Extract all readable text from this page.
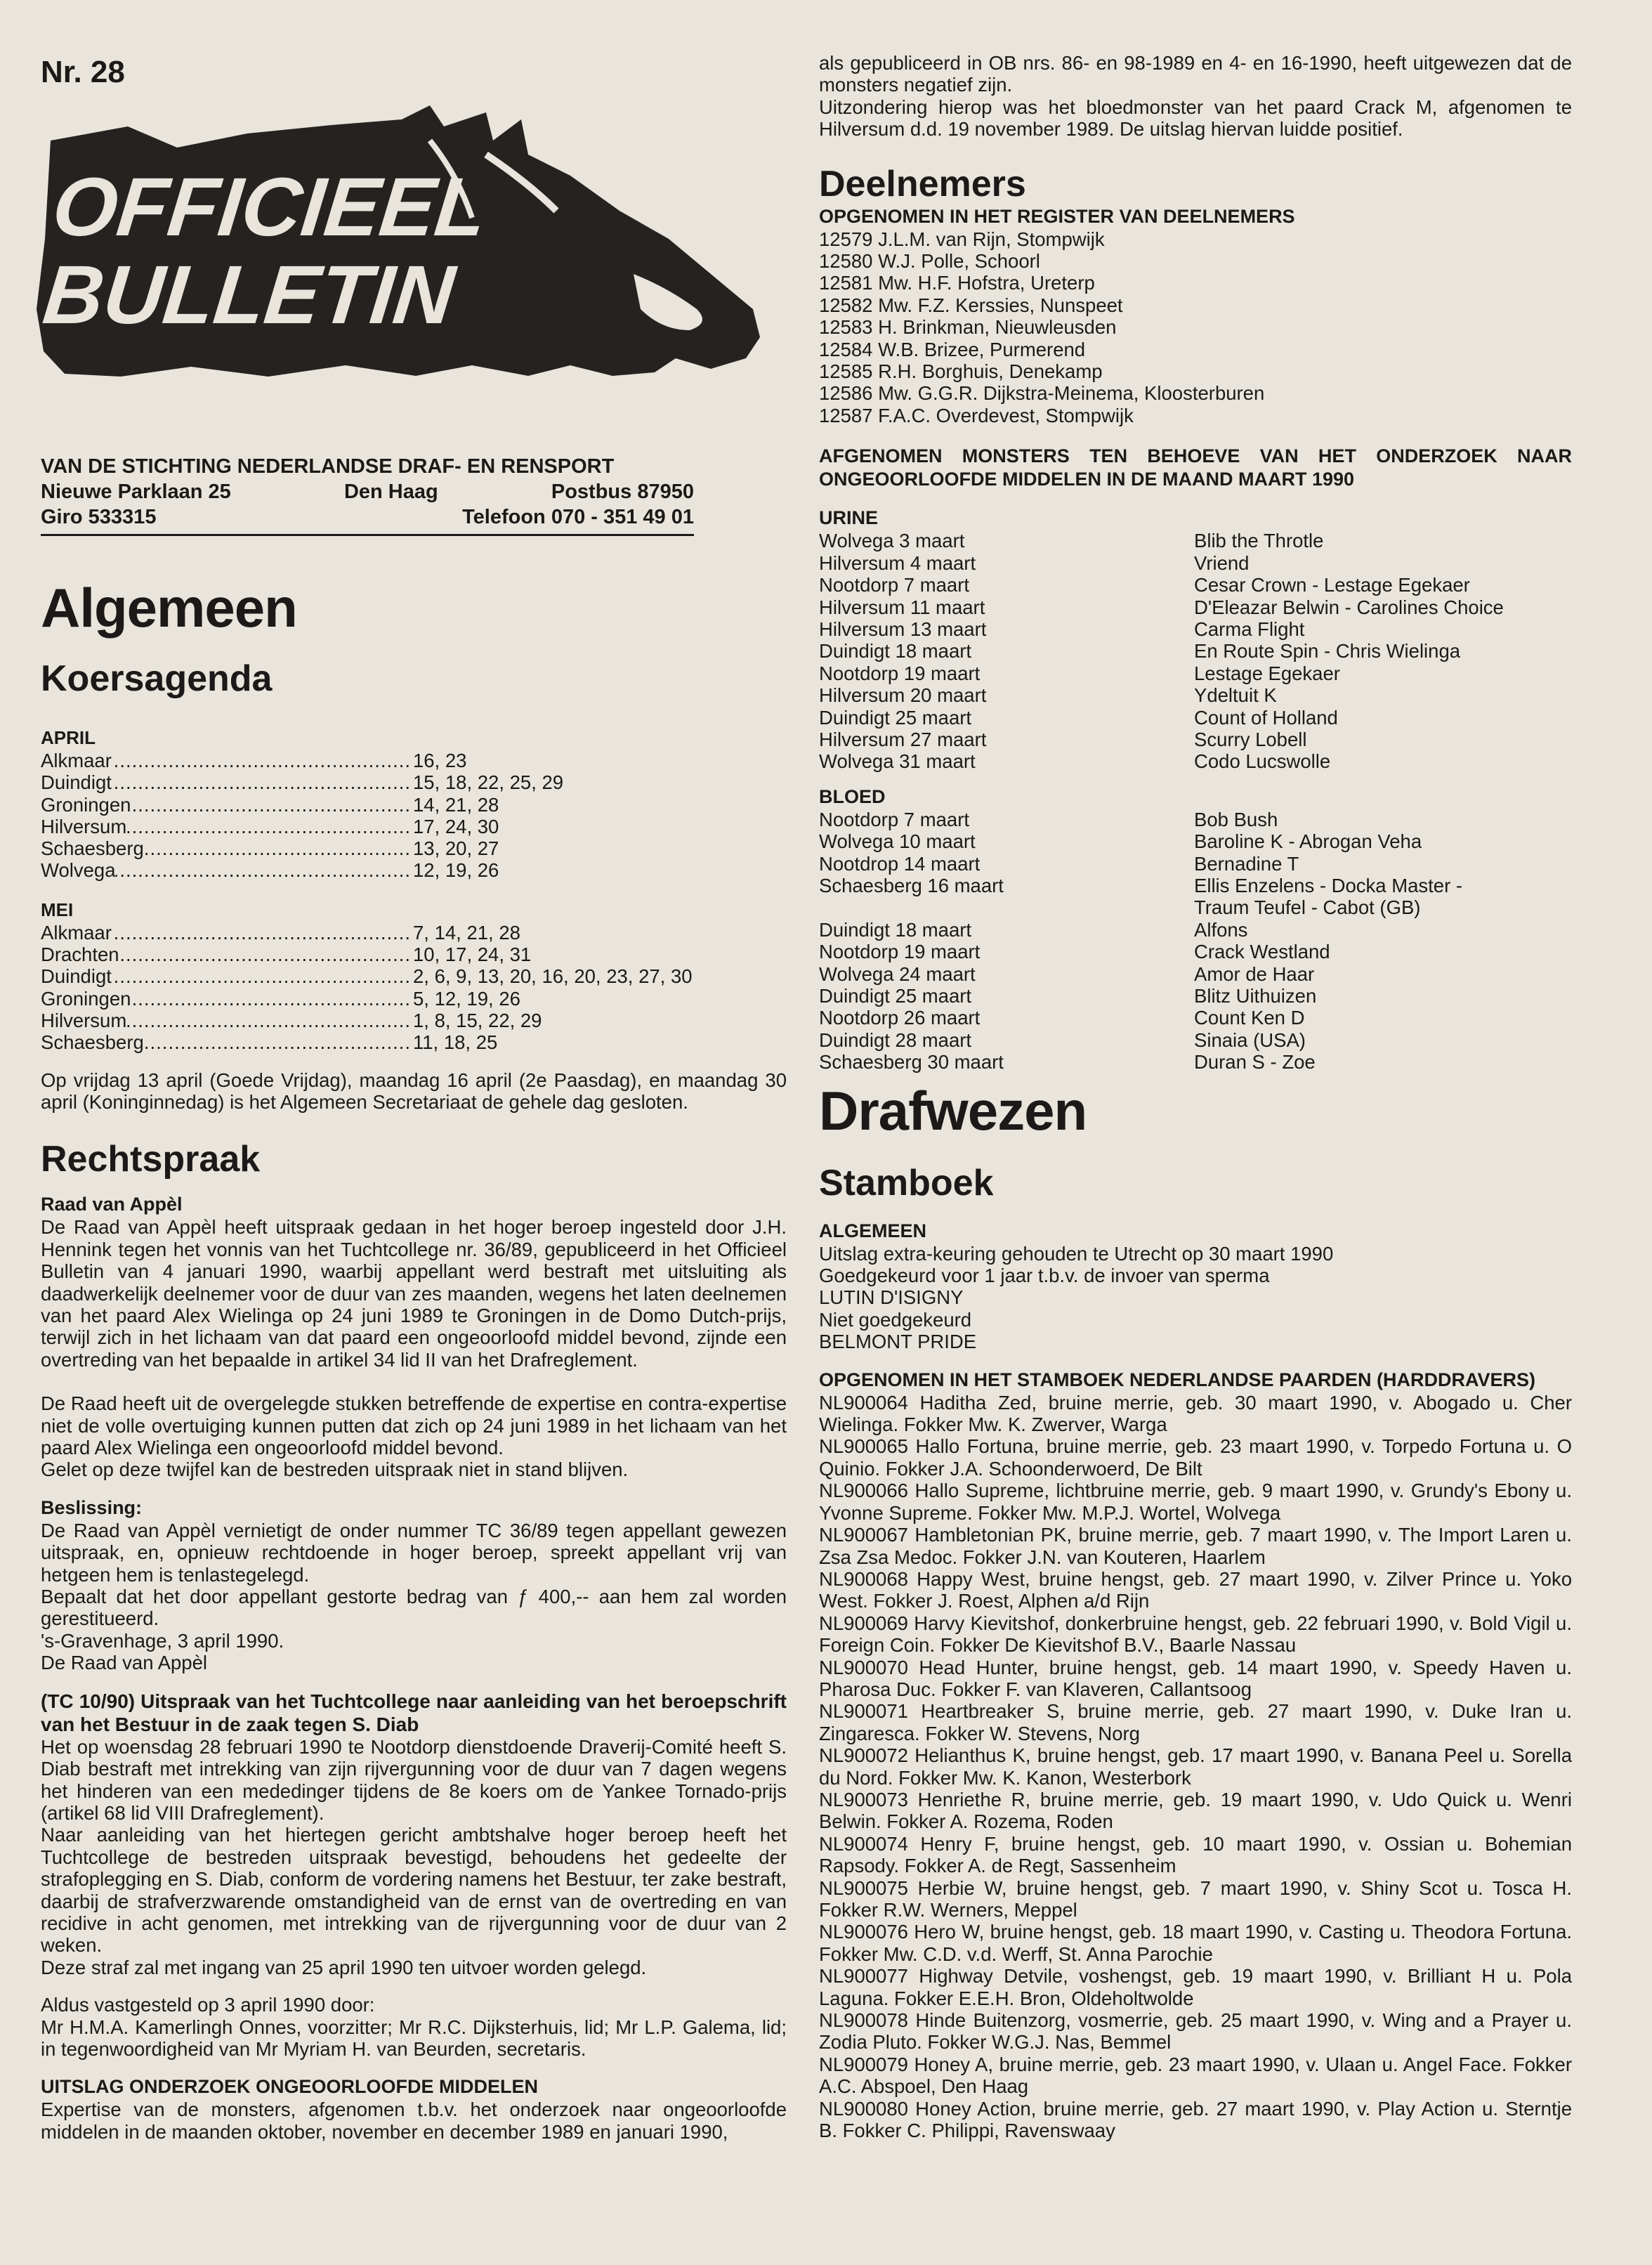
Nr. 28
OFFICIEEL
BULLETIN
VAN DE STICHTING NEDERLANDSE DRAF- EN RENSPORT
Nieuwe Parklaan 25	Den Haag	Postbus 87950
Giro 533315	Telefoon 070 - 351 49 01
Algemeen
Koersagenda
APRIL
.....
Alkmaar	16, 23
.....
Duindigt	15, 18, 22, 25, 29
.....
Groningen	14, 21, 28
.....
Hilversum	17, 24, 30
.....
Schaesberg	13, 20, 27
.....
Wolvega	12, 19, 26
MEI
.....
Alkmaar	7, 14, 21, 28
.....
Drachten	10, 17, 24, 31
.....
Duindigt	2, 6, 9, 13, 20, 16, 20, 23, 27, 30
.....
Groningen	5, 12, 19, 26
.....
Hilversum	1, 8, 15, 22, 29
.....
Schaesberg	11, 18, 25
Op vrijdag 13 april (Goede Vrijdag), maandag 16 april (2e Paasdag), en maandag 30 april (Koninginnedag) is het Algemeen Secretariaat de gehele dag gesloten.
Rechtspraak
Raad van Appèl
De Raad van Appèl heeft uitspraak gedaan in het hoger beroep ingesteld door J.H. Hennink tegen het vonnis van het Tuchtcollege nr. 36/89, gepubliceerd in het Officieel Bulletin van 4 januari 1990, waarbij appellant werd bestraft met uitsluiting als daadwerkelijk deelnemer voor de duur van zes maanden, wegens het laten deelnemen van het paard Alex Wielinga op 24 juni 1989 te Groningen in de Domo Dutch-prijs, terwijl zich in het lichaam van dat paard een ongeoorloofd middel bevond, zijnde een overtreding van het bepaalde in artikel 34 lid II van het Drafreglement.
De Raad heeft uit de overgelegde stukken betreffende de expertise en contra-expertise niet de volle overtuiging kunnen putten dat zich op 24 juni 1989 in het lichaam van het paard Alex Wielinga een ongeoorloofd middel bevond.
Gelet op deze twijfel kan de bestreden uitspraak niet in stand blijven.
Beslissing:
De Raad van Appèl vernietigt de onder nummer TC 36/89 tegen appellant gewezen uitspraak, en, opnieuw rechtdoende in hoger beroep, spreekt appellant vrij van hetgeen hem is tenlastegelegd.
Bepaalt dat het door appellant gestorte bedrag van ƒ 400,-- aan hem zal worden gerestitueerd.
's-Gravenhage, 3 april 1990.
De Raad van Appèl
(TC 10/90) Uitspraak van het Tuchtcollege naar aanleiding van het beroepschrift van het Bestuur in de zaak tegen S. Diab
Het op woensdag 28 februari 1990 te Nootdorp dienstdoende Draverij-Comité heeft S. Diab bestraft met intrekking van zijn rijvergunning voor de duur van 7 dagen wegens het hinderen van een mededinger tijdens de 8e koers om de Yankee Tornado-prijs (artikel 68 lid VIII Drafreglement).
Naar aanleiding van het hiertegen gericht ambtshalve hoger beroep heeft het Tuchtcollege de bestreden uitspraak bevestigd, behoudens het gedeelte der strafoplegging en S. Diab, conform de vordering namens het Bestuur, ter zake bestraft, daarbij de strafverzwarende omstandigheid van de ernst van de overtreding en van recidive in acht genomen, met intrekking van de rijvergunning voor de duur van 2 weken.
Deze straf zal met ingang van 25 april 1990 ten uitvoer worden gelegd.
Aldus vastgesteld op 3 april 1990 door:
Mr H.M.A. Kamerlingh Onnes, voorzitter; Mr R.C. Dijksterhuis, lid; Mr L.P. Galema, lid; in tegenwoordigheid van Mr Myriam H. van Beurden, secretaris.
UITSLAG ONDERZOEK ONGEOORLOOFDE MIDDELEN
Expertise van de monsters, afgenomen t.b.v. het onderzoek naar ongeoorloofde middelen in de maanden oktober, november en december 1989 en januari 1990,
als gepubliceerd in OB nrs. 86- en 98-1989 en 4- en 16-1990, heeft uitgewezen dat de monsters negatief zijn.
Uitzondering hierop was het bloedmonster van het paard Crack M, afgenomen te Hilversum d.d. 19 november 1989. De uitslag hiervan luidde positief.
Deelnemers
OPGENOMEN IN HET REGISTER VAN DEELNEMERS
12579 J.L.M. van Rijn, Stompwijk
12580 W.J. Polle, Schoorl
12581 Mw. H.F. Hofstra, Ureterp
12582 Mw. F.Z. Kerssies, Nunspeet
12583 H. Brinkman, Nieuwleusden
12584 W.B. Brizee, Purmerend
12585 R.H. Borghuis, Denekamp
12586 Mw. G.G.R. Dijkstra-Meinema, Kloosterburen
12587 F.A.C. Overdevest, Stompwijk
AFGENOMEN MONSTERS TEN BEHOEVE VAN HET ONDERZOEK NAAR ONGEOORLOOFDE MIDDELEN IN DE MAAND MAART 1990
URINE
Wolvega 3 maart	Blib the Throtle
Hilversum 4 maart	Vriend
Nootdorp 7 maart	Cesar Crown - Lestage Egekaer
Hilversum 11 maart	D'Eleazar Belwin - Carolines Choice
Hilversum 13 maart	Carma Flight
Duindigt 18 maart	En Route Spin - Chris Wielinga
Nootdorp 19 maart	Lestage Egekaer
Hilversum 20 maart	Ydeltuit K
Duindigt 25 maart	Count of Holland
Hilversum 27 maart	Scurry Lobell
Wolvega 31 maart	Codo Lucswolle
BLOED
Nootdorp 7 maart	Bob Bush
Wolvega 10 maart	Baroline K - Abrogan Veha
Nootdrop 14 maart	Bernadine T
Schaesberg 16 maart	Ellis Enzelens - Docka Master -
Traum Teufel - Cabot (GB)
Duindigt 18 maart	Alfons
Nootdorp 19 maart	Crack Westland
Wolvega 24 maart	Amor de Haar
Duindigt 25 maart	Blitz Uithuizen
Nootdorp 26 maart	Count Ken D
Duindigt 28 maart	Sinaia (USA)
Schaesberg 30 maart	Duran S - Zoe
Drafwezen
Stamboek
ALGEMEEN
Uitslag extra-keuring gehouden te Utrecht op 30 maart 1990
Goedgekeurd voor 1 jaar t.b.v. de invoer van sperma
LUTIN D'ISIGNY
Niet goedgekeurd
BELMONT PRIDE
OPGENOMEN IN HET STAMBOEK NEDERLANDSE PAARDEN (HARDDRAVERS)
NL900064 Haditha Zed, bruine merrie, geb. 30 maart 1990, v. Abogado u. Cher Wielinga. Fokker Mw. K. Zwerver, Warga
NL900065 Hallo Fortuna, bruine merrie, geb. 23 maart 1990, v. Torpedo Fortuna u. O Quinio. Fokker J.A. Schoonderwoerd, De Bilt
NL900066 Hallo Supreme, lichtbruine merrie, geb. 9 maart 1990, v. Grundy's Ebony u. Yvonne Supreme. Fokker Mw. M.P.J. Wortel, Wolvega
NL900067 Hambletonian PK, bruine merrie, geb. 7 maart 1990, v. The Import Laren u. Zsa Zsa Medoc. Fokker J.N. van Kouteren, Haarlem
NL900068 Happy West, bruine hengst, geb. 27 maart 1990, v. Zilver Prince u. Yoko West. Fokker J. Roest, Alphen a/d Rijn
NL900069 Harvy Kievitshof, donkerbruine hengst, geb. 22 februari 1990, v. Bold Vigil u. Foreign Coin. Fokker De Kievitshof B.V., Baarle Nassau
NL900070 Head Hunter, bruine hengst, geb. 14 maart 1990, v. Speedy Haven u. Pharosa Duc. Fokker F. van Klaveren, Callantsoog
NL900071 Heartbreaker S, bruine merrie, geb. 27 maart 1990, v. Duke Iran u. Zingaresca. Fokker W. Stevens, Norg
NL900072 Helianthus K, bruine hengst, geb. 17 maart 1990, v. Banana Peel u. Sorella du Nord. Fokker Mw. K. Kanon, Westerbork
NL900073 Henriethe R, bruine merrie, geb. 19 maart 1990, v. Udo Quick u. Wenri Belwin. Fokker A. Rozema, Roden
NL900074 Henry F, bruine hengst, geb. 10 maart 1990, v. Ossian u. Bohemian Rapsody. Fokker A. de Regt, Sassenheim
NL900075 Herbie W, bruine hengst, geb. 7 maart 1990, v. Shiny Scot u. Tosca H. Fokker R.W. Werners, Meppel
NL900076 Hero W, bruine hengst, geb. 18 maart 1990, v. Casting u. Theodora Fortuna. Fokker Mw. C.D. v.d. Werff, St. Anna Parochie
NL900077 Highway Detvile, voshengst, geb. 19 maart 1990, v. Brilliant H u. Pola Laguna. Fokker E.E.H. Bron, Oldeholtwolde
NL900078 Hinde Buitenzorg, vosmerrie, geb. 25 maart 1990, v. Wing and a Prayer u. Zodia Pluto. Fokker W.G.J. Nas, Bemmel
NL900079 Honey A, bruine merrie, geb. 23 maart 1990, v. Ulaan u. Angel Face. Fokker A.C. Abspoel, Den Haag
NL900080 Honey Action, bruine merrie, geb. 27 maart 1990, v. Play Action u. Sterntje B. Fokker C. Philippi, Ravenswaay
